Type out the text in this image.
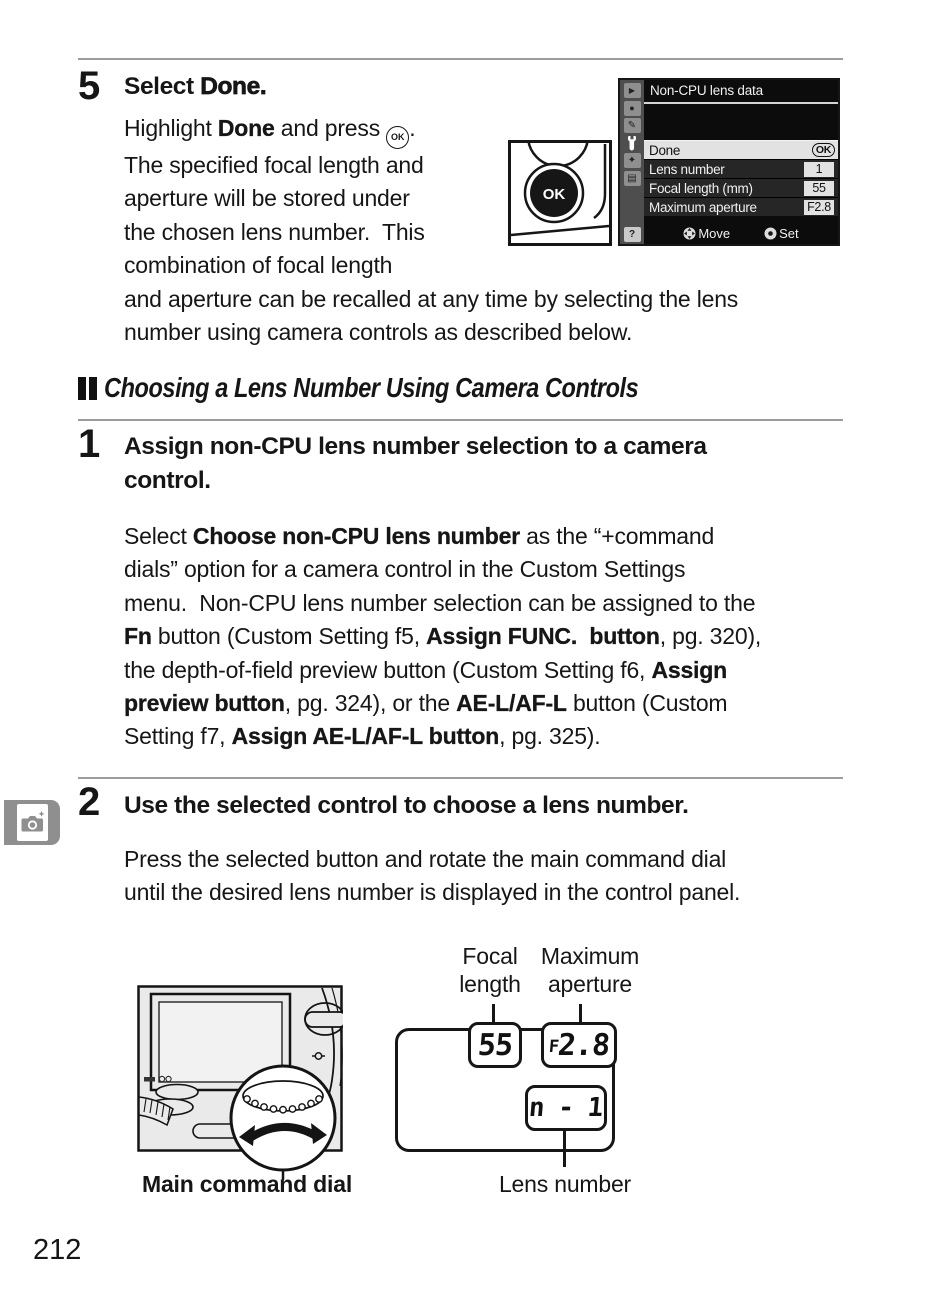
5 Select Done.
Highlight Done and press OK .
The specified focal length and
aperture will be stored under
the chosen lens number.  This
combination of focal length
and aperture can be recalled at any time by selecting the lens
number using camera controls as described below.
OK
▶
●
✎
✦
▤
?
Non-CPU lens data
Done	OK
Lens number	1
Focal length (mm)	55
Maximum aperture	F2.8
Move	Set
Choosing a Lens Number Using Camera Controls
1 Assign non-CPU lens number selection to a camera
control.
Select Choose non-CPU lens number as the “+command
dials” option for a camera control in the Custom Settings
menu.  Non-CPU lens number selection can be assigned to the
Fn button (Custom Setting f5, Assign FUNC.  button, pg. 320),
the depth-of-field preview button (Custom Setting f6, Assign
preview button, pg. 324), or the AE-L/AF-L button (Custom
Setting f7, Assign AE-L/AF-L button, pg. 325).
2 Use the selected control to choose a lens number.
Press the selected button and rotate the main command dial
until the desired lens number is displayed in the control panel.
Focal
length
Maximum
aperture
55 F
2.8
n - 1
Main command dial	Lens number
212
